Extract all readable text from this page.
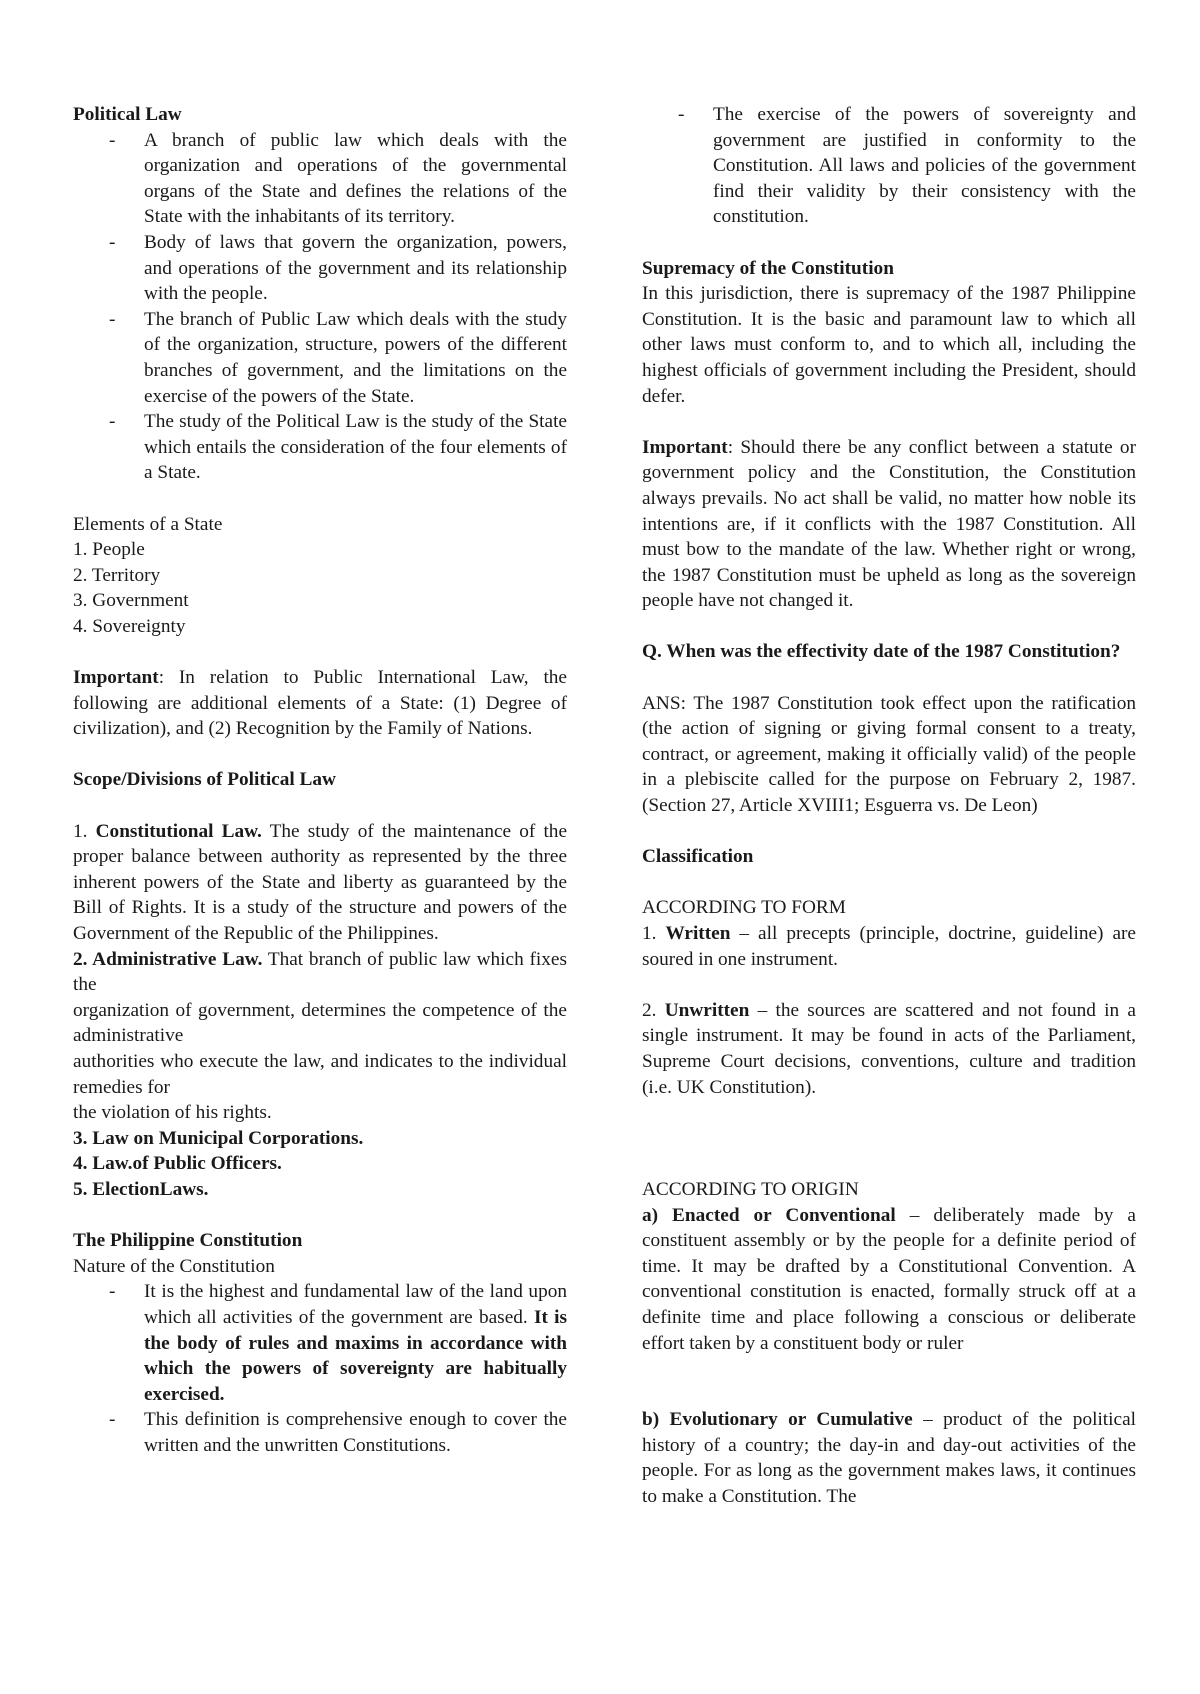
Political Law

- A branch of public law which deals with the organization and operations of the governmental organs of the State and defines the relations of the State with the inhabitants of its territory.
- Body of laws that govern the organization, powers, and operations of the government and its relationship with the people.
- The branch of Public Law which deals with the study of the organization, structure, powers of the different branches of government, and the limitations on the exercise of the powers of the State.
- The study of the Political Law is the study of the State which entails the consideration of the four elements of a State.

Elements of a State

1. People

2. Territory

3. Government

4. Sovereignty

Important: In relation to Public International Law, the following are additional elements of a State: (1) Degree of civilization), and (2) Recognition by the Family of Nations.

Scope/Divisions of Political Law

1. Constitutional Law. The study of the maintenance of the proper balance between authority as represented by the three inherent powers of the State and liberty as guaranteed by the Bill of Rights. It is a study of the structure and powers of the Government of the Republic of the Philippines.

2. Administrative Law. That branch of public law which fixes the

organization of government, determines the competence of the administrative

authorities who execute the law, and indicates to the individual remedies for

the violation of his rights.

3. Law on Municipal Corporations.

4. Law.of Public Officers.

5. ElectionLaws.

The Philippine Constitution

Nature of the Constitution

- It is the highest and fundamental law of the land upon which all activities of the government are based. It is the body of rules and maxims in accordance with which the powers of sovereignty are habitually exercised.
- This definition is comprehensive enough to cover the written and the unwritten Constitutions.
- The exercise of the powers of sovereignty and government are justified in conformity to the Constitution. All laws and policies of the government find their validity by their consistency with the constitution.

Supremacy of the Constitution

In this jurisdiction, there is supremacy of the 1987 Philippine Constitution. It is the basic and paramount law to which all other laws must conform to, and to which all, including the highest officials of government including the President, should defer.

Important: Should there be any conflict between a statute or government policy and the Constitution, the Constitution always prevails. No act shall be valid, no matter how noble its intentions are, if it conflicts with the 1987 Constitution. All must bow to the mandate of the law. Whether right or wrong, the 1987 Constitution must be upheld as long as the sovereign people have not changed it.

Q. When was the effectivity date of the 1987 Constitution?

ANS: The 1987 Constitution took effect upon the ratification (the action of signing or giving formal consent to a treaty, contract, or agreement, making it officially valid) of the people in a plebiscite called for the purpose on February 2, 1987. (Section 27, Article XVIII1; Esguerra vs. De Leon)

Classification

ACCORDING TO FORM

1. Written – all precepts (principle, doctrine, guideline) are soured in one instrument.

2. Unwritten – the sources are scattered and not found in a single instrument. It may be found in acts of the Parliament, Supreme Court decisions, conventions, culture and tradition (i.e. UK Constitution).

ACCORDING TO ORIGIN

a) Enacted or Conventional – deliberately made by a constituent assembly or by the people for a definite period of time. It may be drafted by a Constitutional Convention. A conventional constitution is enacted, formally struck off at a definite time and place following a conscious or deliberate effort taken by a constituent body or ruler

b) Evolutionary or Cumulative – product of the political history of a country; the day-in and day-out activities of the people. For as long as the government makes laws, it continues to make a Constitution. The
